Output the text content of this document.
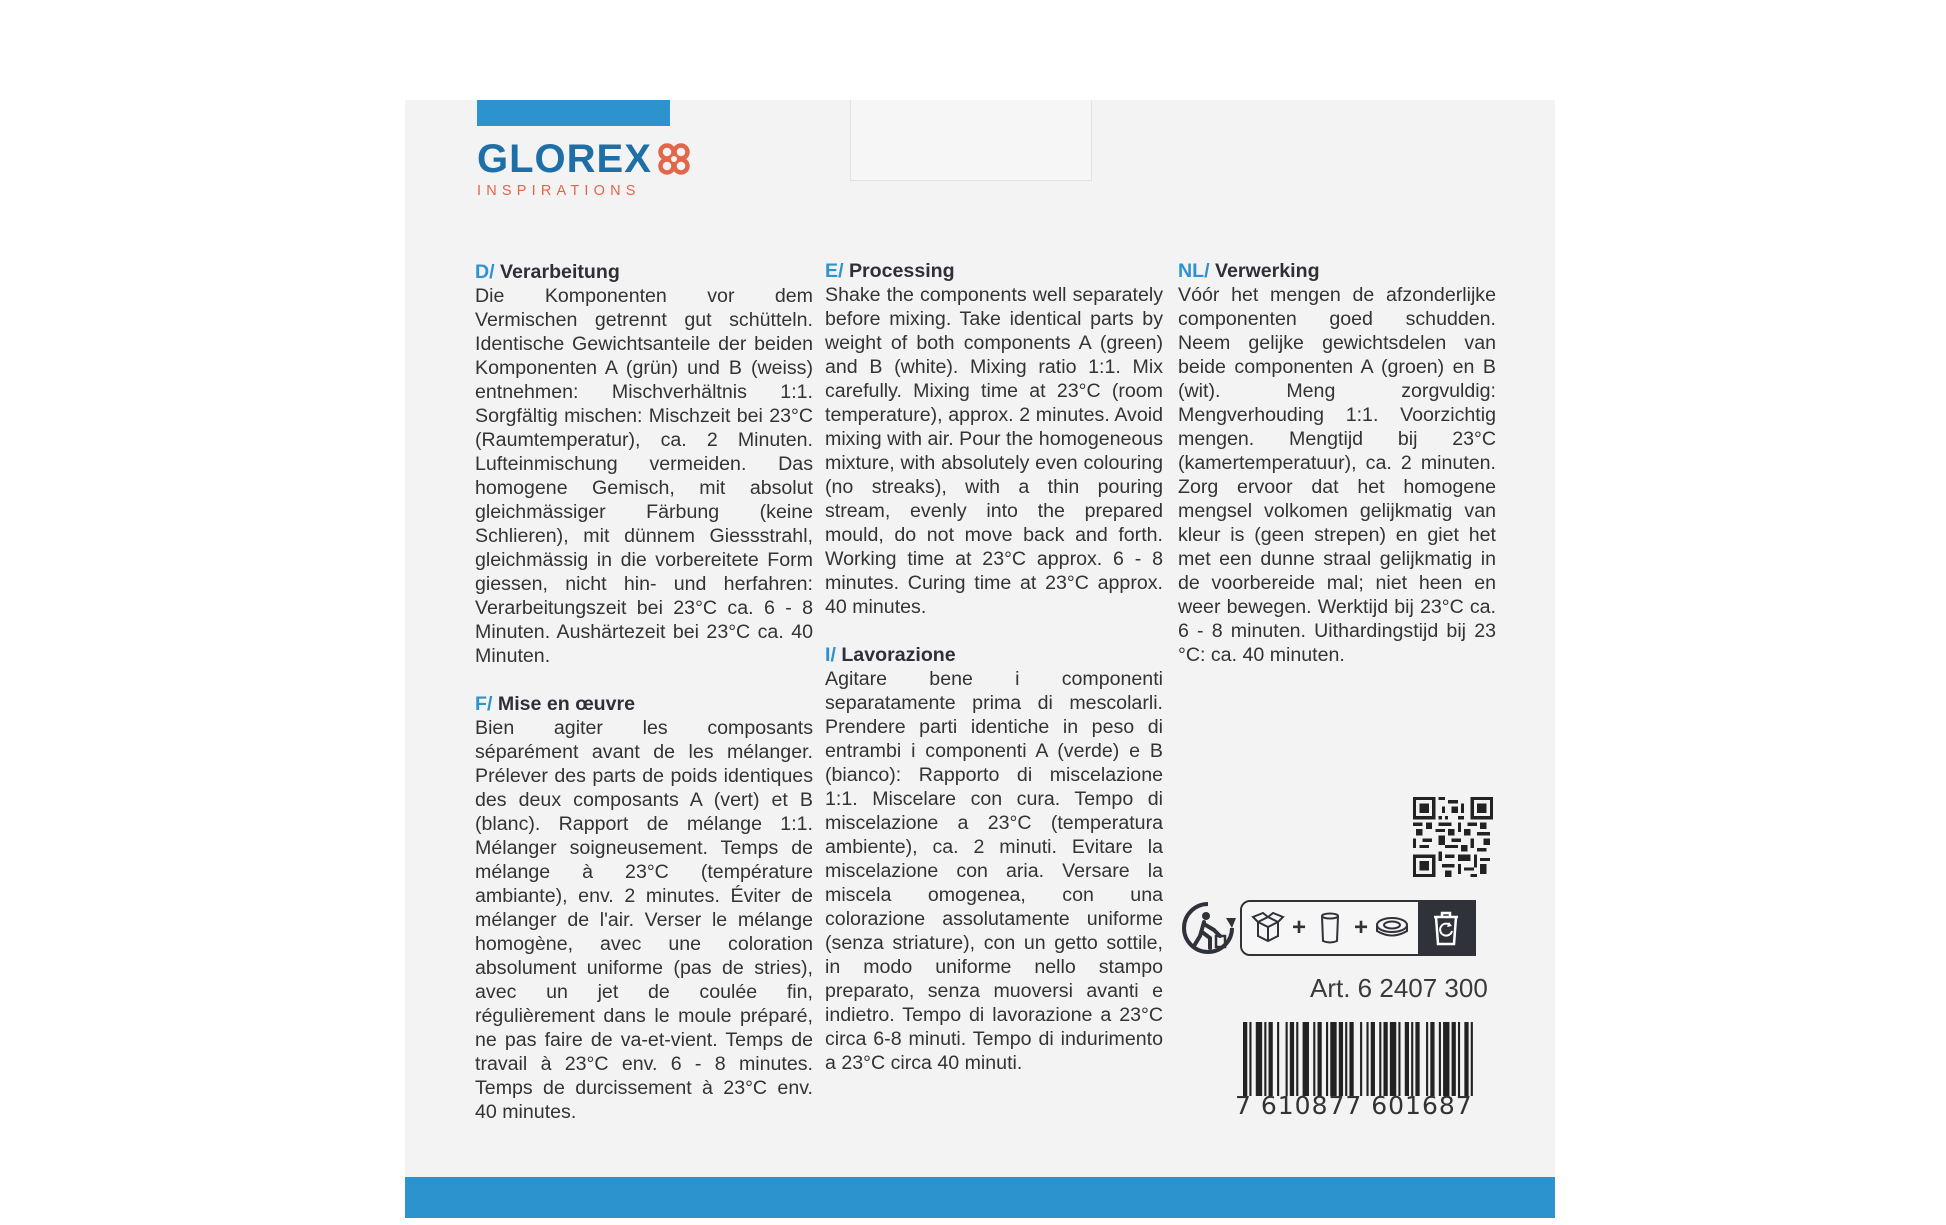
GLOREX
INSPIRATIONS

D/ Verarbeitung

Die Komponenten vor dem Vermischen getrennt gut schütteln. Identische Gewichtsanteile der beiden Komponenten A (grün) und B (weiss) entnehmen: Mischverhältnis 1:1. Sorgfältig mischen: Mischzeit bei 23°C (Raumtemperatur), ca. 2 Minuten. Lufteinmischung vermeiden. Das homogene Gemisch, mit absolut gleichmässiger Färbung (keine Schlieren), mit dünnem Giessstrahl, gleichmässig in die vorbereitete Form giessen, nicht hin- und herfahren: Verarbeitungszeit bei 23°C ca. 6 - 8 Minuten. Aushärtezeit bei 23°C ca. 40 Minuten.

F/ Mise en œuvre

Bien agiter les composants séparément avant de les mélanger. Prélever des parts de poids identiques des deux composants A (vert) et B (blanc). Rapport de mélange 1:1. Mélanger soigneusement. Temps de mélange à 23°C (température ambiante), env. 2 minutes. Éviter de mélanger de l'air. Verser le mélange homogène, avec une coloration absolument uniforme (pas de stries), avec un jet de coulée fin, régulièrement dans le moule préparé, ne pas faire de va-et-vient. Temps de travail à 23°C env. 6 - 8 minutes. Temps de durcissement à 23°C env. 40 minutes.

E/ Processing

Shake the components well separately before mixing. Take identical parts by weight of both components A (green) and B (white). Mixing ratio 1:1. Mix carefully. Mixing time at 23°C (room temperature), approx. 2 minutes. Avoid mixing with air. Pour the homogeneous mixture, with absolutely even colouring (no streaks), with a thin pouring stream, evenly into the prepared mould, do not move back and forth. Working time at 23°C approx. 6 - 8 minutes. Curing time at 23°C approx. 40 minutes.

I/ Lavorazione

Agitare bene i componenti separatamente prima di mescolarli. Prendere parti identiche in peso di entrambi i componenti A (verde) e B (bianco): Rapporto di miscelazione 1:1. Miscelare con cura. Tempo di miscelazione a 23°C (temperatura ambiente), ca. 2 minuti. Evitare la miscelazione con aria. Versare la miscela omogenea, con una colorazione assolutamente uniforme (senza striature), con un getto sottile, in modo uniforme nello stampo preparato, senza muoversi avanti e indietro. Tempo di lavorazione a 23°C circa 6-8 minuti. Tempo di indurimento a 23°C circa 40 minuti.

NL/ Verwerking

Vóór het mengen de afzonderlijke componenten goed schudden. Neem gelijke gewichtsdelen van beide componenten A (groen) en B (wit). Meng zorgvuldig: Mengverhouding 1:1. Voorzichtig mengen. Mengtijd bij 23°C (kamertemperatuur), ca. 2 minuten. Zorg ervoor dat het homogene mengsel volkomen gelijkmatig van kleur is (geen strepen) en giet het met een dunne straal gelijkmatig in de voorbereide mal; niet heen en weer bewegen. Werktijd bij 23°C ca. 6 - 8 minuten. Uithardingstijd bij 23 °C: ca. 40 minuten.

+ +
Art. 6 2407 300
7 610877 601687
